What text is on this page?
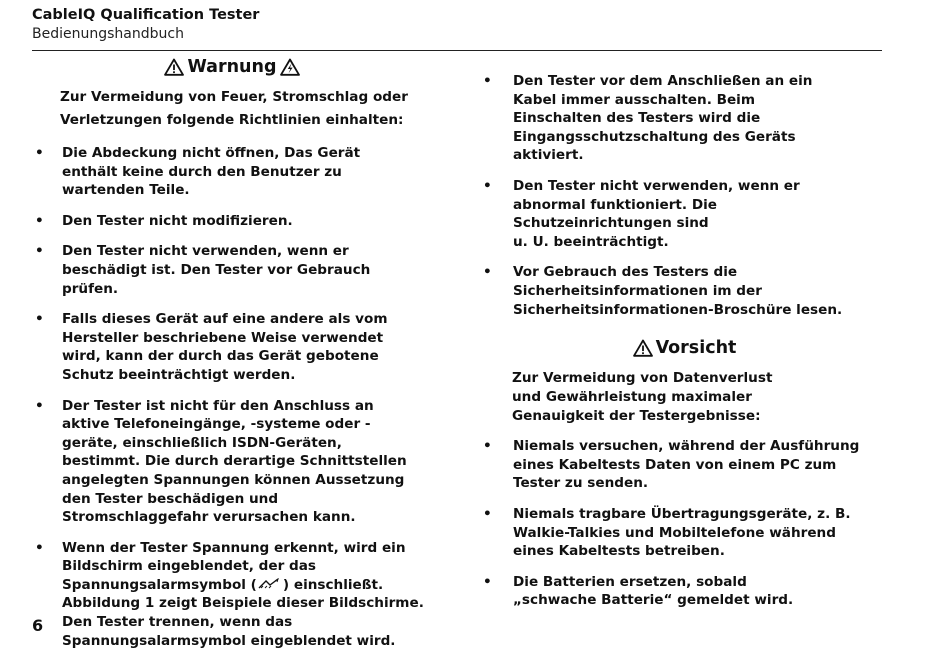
CableIQ Qualification Tester
Bedienungshandbuch
Warnung
Zur Vermeidung von Feuer, Stromschlag oder
Verletzungen folgende Richtlinien einhalten:
• Die Abdeckung nicht öffnen, Das Gerät
enthält keine durch den Benutzer zu
wartenden Teile.
• Den Tester nicht modifizieren.
• Den Tester nicht verwenden, wenn er
beschädigt ist. Den Tester vor Gebrauch
prüfen.
• Falls dieses Gerät auf eine andere als vom
Hersteller beschriebene Weise verwendet
wird, kann der durch das Gerät gebotene
Schutz beeinträchtigt werden.
• Der Tester ist nicht für den Anschluss an
aktive Telefoneingänge, -systeme oder -
geräte, einschließlich ISDN-Geräten,
bestimmt. Die durch derartige Schnittstellen
angelegten Spannungen können Aussetzung
den Tester beschädigen und
Stromschlaggefahr verursachen kann.
• Wenn der Tester Spannung erkennt, wird ein
Bildschirm eingeblendet, der das
Spannungsalarmsymbol ( ) einschließt.
Abbildung 1 zeigt Beispiele dieser Bildschirme.
Den Tester trennen, wenn das
Spannungsalarmsymbol eingeblendet wird.
• Den Tester vor dem Anschließen an ein
Kabel immer ausschalten. Beim
Einschalten des Testers wird die
Eingangsschutzschaltung des Geräts
aktiviert.
• Den Tester nicht verwenden, wenn er
abnormal funktioniert. Die
Schutzeinrichtungen sind
u. U. beeinträchtigt.
• Vor Gebrauch des Testers die
Sicherheitsinformationen im der
Sicherheitsinformationen-Broschüre lesen.
Vorsicht
Zur Vermeidung von Datenverlust
und Gewährleistung maximaler
Genauigkeit der Testergebnisse:
• Niemals versuchen, während der Ausführung
eines Kabeltests Daten von einem PC zum
Tester zu senden.
• Niemals tragbare Übertragungsgeräte, z. B.
Walkie-Talkies und Mobiltelefone während
eines Kabeltests betreiben.
• Die Batterien ersetzen, sobald
„schwache Batterie“ gemeldet wird.
6
